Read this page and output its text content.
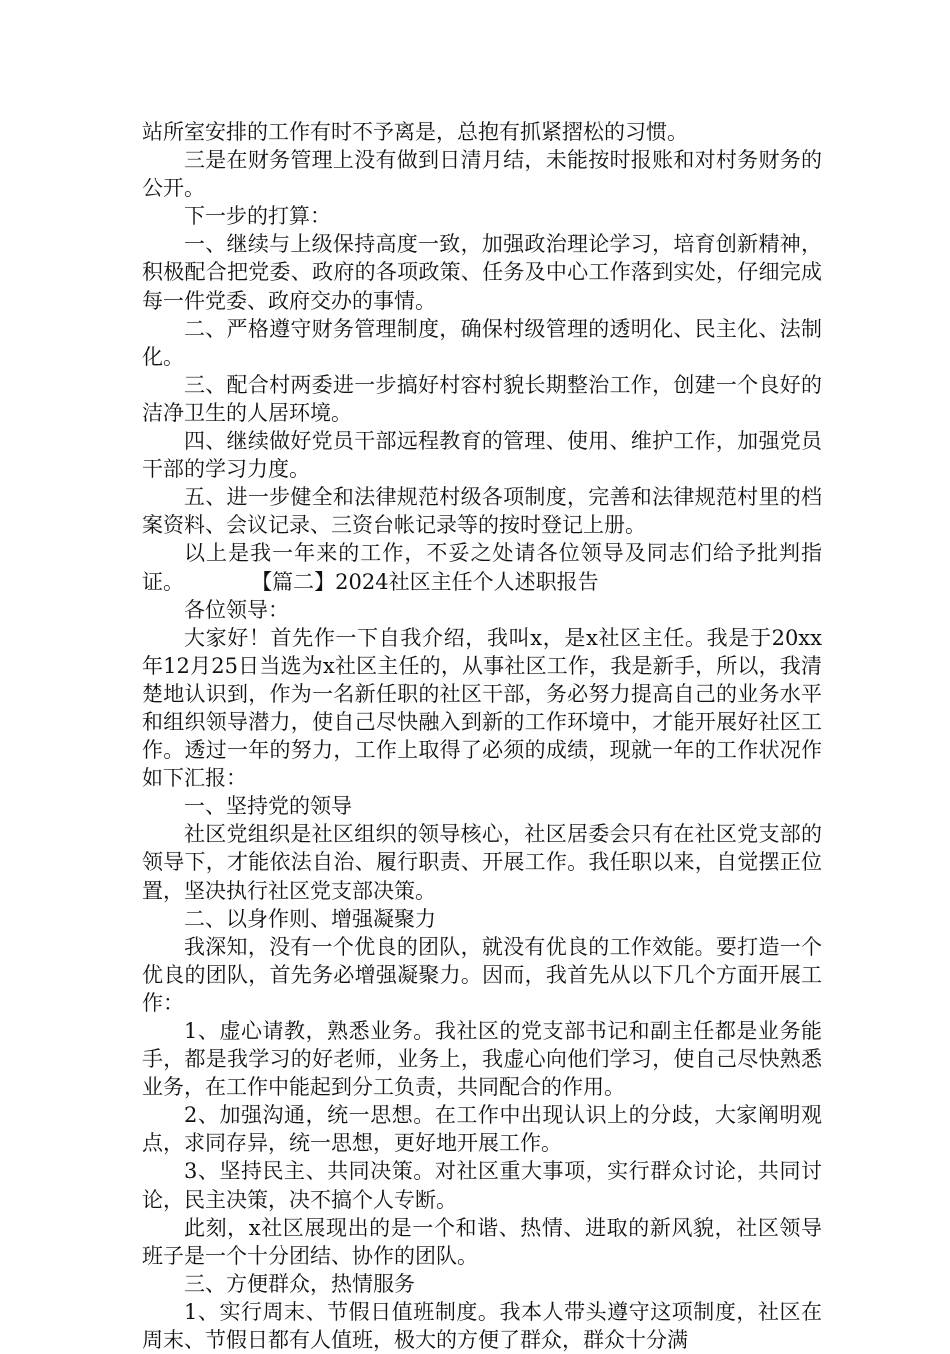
站所室安排的工作有时不予离是，总抱有抓紧摺松的习惯。

三是在财务管理上没有做到日清月结，未能按时报账和对村务财务的公开。

下一步的打算：

一、继续与上级保持高度一致，加强政治理论学习，培育创新精神，积极配合把党委、政府的各项政策、任务及中心工作落到实处，仔细完成每一件党委、政府交办的事情。

二、严格遵守财务管理制度，确保村级管理的透明化、民主化、法制化。

三、配合村两委进一步搞好村容村貌长期整治工作，创建一个良好的洁净卫生的人居环境。

四、继续做好党员干部远程教育的管理、使用、维护工作，加强党员干部的学习力度。

五、进一步健全和法律规范村级各项制度，完善和法律规范村里的档案资料、会议记录、三资台帐记录等的按时登记上册。

以上是我一年来的工作，不妥之处请各位领导及同志们给予批判指证。	【篇二】2024社区主任个人述职报告

各位领导：

大家好！首先作一下自我介绍，我叫x，是x社区主任。我是于20xx年12月25日当选为x社区主任的，从事社区工作，我是新手，所以，我清楚地认识到，作为一名新任职的社区干部，务必努力提高自己的业务水平和组织领导潜力，使自己尽快融入到新的工作环境中，才能开展好社区工作。透过一年的努力，工作上取得了必须的成绩，现就一年的工作状况作如下汇报：

一、坚持党的领导

社区党组织是社区组织的领导核心，社区居委会只有在社区党支部的领导下，才能依法自治、履行职责、开展工作。我任职以来，自觉摆正位置，坚决执行社区党支部决策。

二、以身作则、增强凝聚力

我深知，没有一个优良的团队，就没有优良的工作效能。要打造一个优良的团队，首先务必增强凝聚力。因而，我首先从以下几个方面开展工作：

1、虚心请教，熟悉业务。我社区的党支部书记和副主任都是业务能手，都是我学习的好老师，业务上，我虚心向他们学习，使自己尽快熟悉业务，在工作中能起到分工负责，共同配合的作用。

2、加强沟通，统一思想。在工作中出现认识上的分歧，大家阐明观点，求同存异，统一思想，更好地开展工作。

3、坚持民主、共同决策。对社区重大事项，实行群众讨论，共同讨论，民主决策，决不搞个人专断。

此刻，x社区展现出的是一个和谐、热情、进取的新风貌，社区领导班子是一个十分团结、协作的团队。

三、方便群众，热情服务

1、实行周末、节假日值班制度。我本人带头遵守这项制度，社区在周末、节假日都有人值班，极大的方便了群众，群众十分满
